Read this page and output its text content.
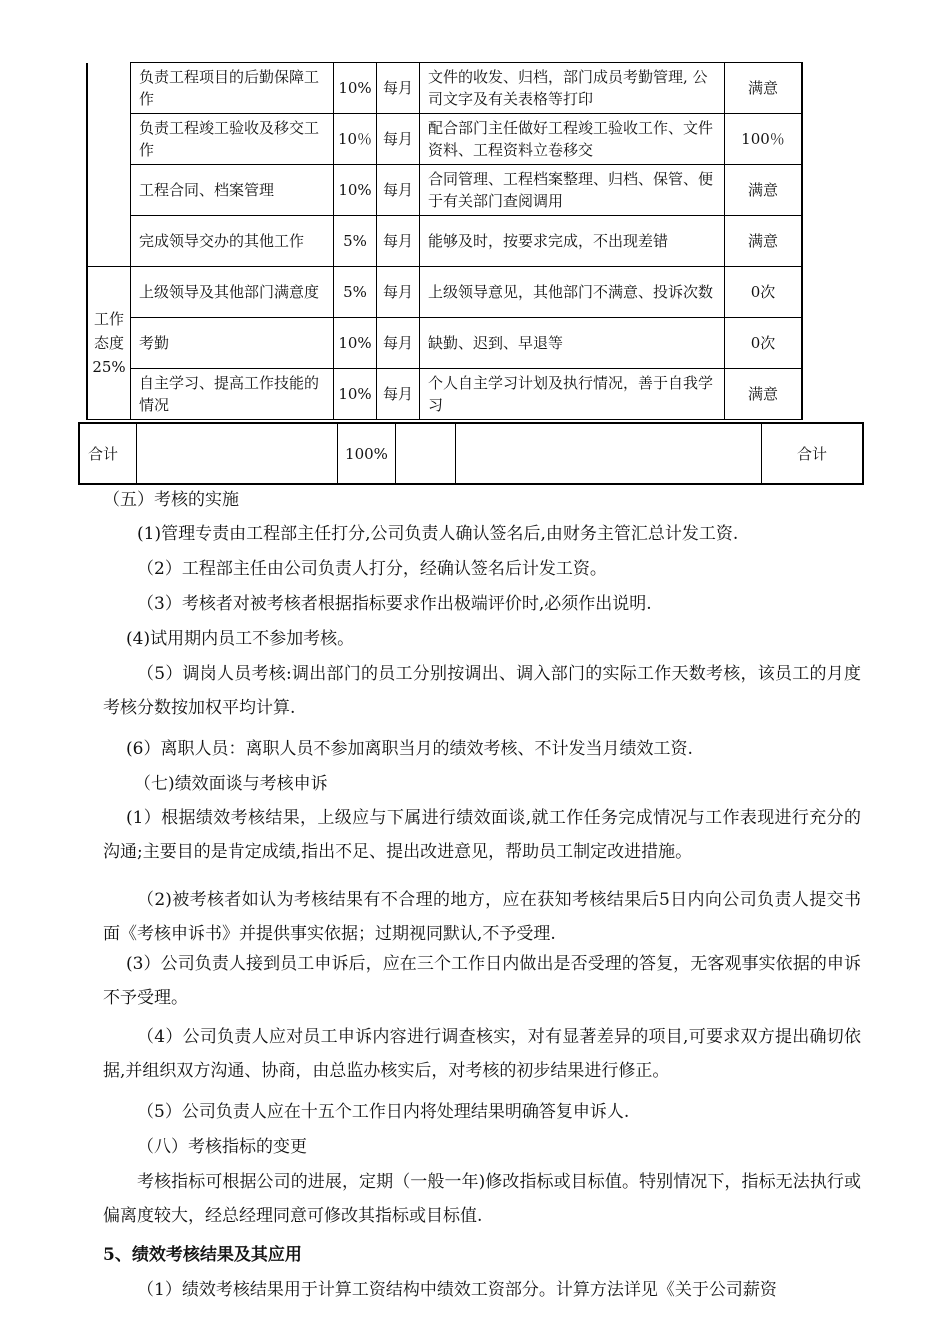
	负责工程项目的后勤保障工作	10%	每月	文件的收发、归档，部门成员考勤管理, 公司文字及有关表格等打印	满意
	负责工程竣工验收及移交工作	10％	每月	配合部门主任做好工程竣工验收工作、文件资料、工程资料立卷移交	100％
	工程合同、档案管理	10%	每月	合同管理、工程档案整理、归档、保管、便于有关部门查阅调用	满意
	完成领导交办的其他工作	5%	每月	能够及时，按要求完成，不出现差错	满意
工作态度25%	上级领导及其他部门满意度	5%	每月	上级领导意见，其他部门不满意、投诉次数	0次
	考勤	10%	每月	缺勤、迟到、早退等	0次
	自主学习、提高工作技能的情况	10%	每月	个人自主学习计划及执行情况，善于自我学习	满意
合计		100%			合计
（五）考核的实施
(1)管理专责由工程部主任打分,公司负责人确认签名后,由财务主管汇总计发工资.
（2）工程部主任由公司负责人打分，经确认签名后计发工资。
（3）考核者对被考核者根据指标要求作出极端评价时,必须作出说明.
(4)试用期内员工不参加考核。
（5）调岗人员考核:调出部门的员工分别按调出、调入部门的实际工作天数考核，该员工的月度考核分数按加权平均计算.
(6）离职人员：离职人员不参加离职当月的绩效考核、不计发当月绩效工资.
（七)绩效面谈与考核申诉
(1）根据绩效考核结果，上级应与下属进行绩效面谈,就工作任务完成情况与工作表现进行充分的沟通;主要目的是肯定成绩,指出不足、提出改进意见，帮助员工制定改进措施。
（2)被考核者如认为考核结果有不合理的地方，应在获知考核结果后5日内向公司负责人提交书面《考核申诉书》并提供事实依据；过期视同默认,不予受理.
(3）公司负责人接到员工申诉后，应在三个工作日内做出是否受理的答复，无客观事实依据的申诉不予受理。
（4）公司负责人应对员工申诉内容进行调查核实，对有显著差异的项目,可要求双方提出确切依据,并组织双方沟通、协商，由总监办核实后，对考核的初步结果进行修正。
（5）公司负责人应在十五个工作日内将处理结果明确答复申诉人.
（八）考核指标的变更
考核指标可根据公司的进展，定期（一般一年)修改指标或目标值。特别情况下，指标无法执行或偏离度较大，经总经理同意可修改其指标或目标值.
5、绩效考核结果及其应用
（1）绩效考核结果用于计算工资结构中绩效工资部分。计算方法详见《关于公司薪资
